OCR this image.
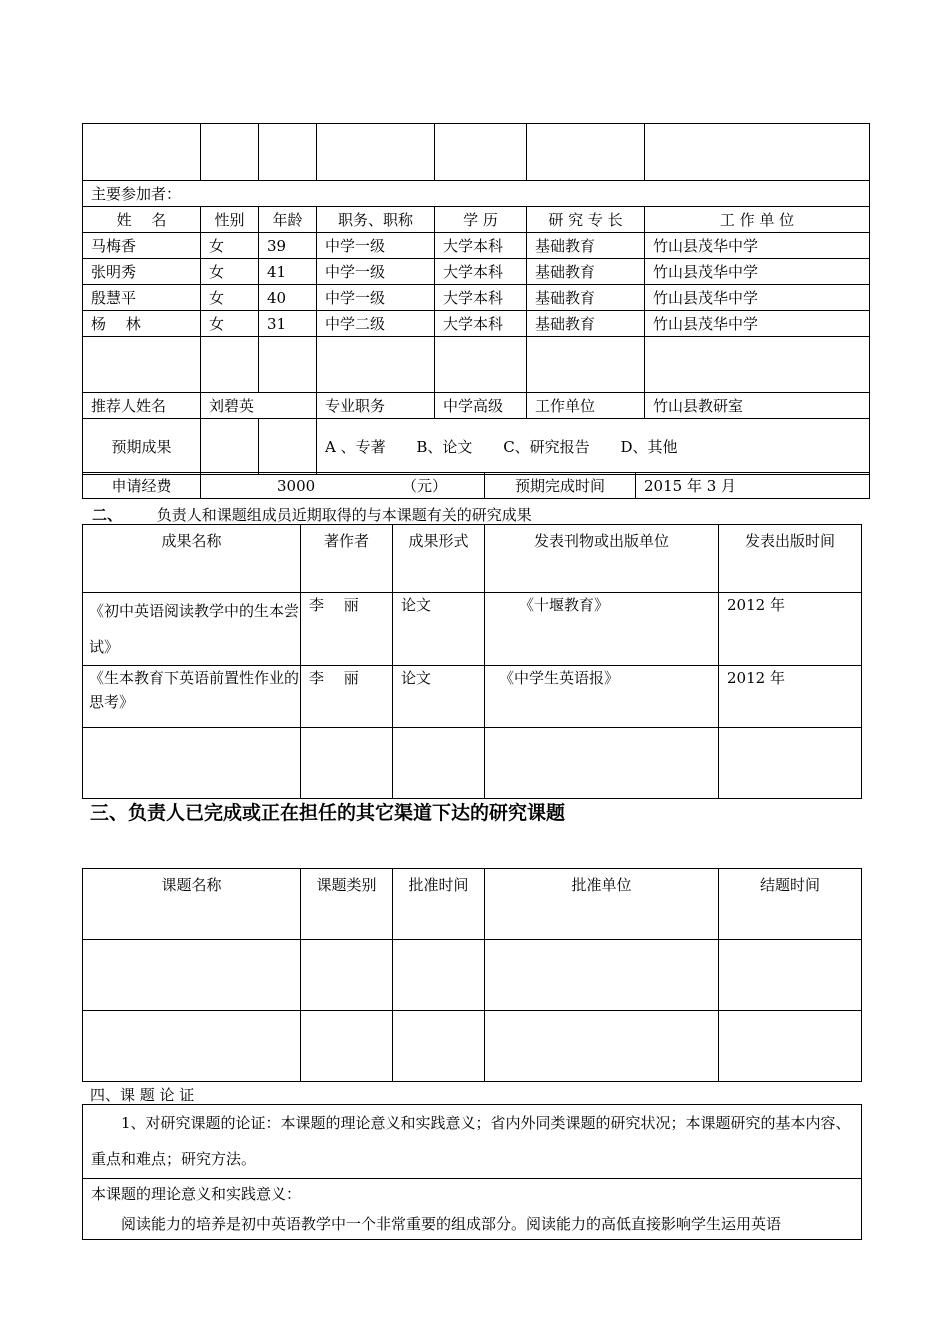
主要参加者：						
姓　 名	性别	年龄	职务、职称	学 历	研 究 专 长	工 作 单 位
马梅香	女	39	中学一级	大学本科	基础教育	竹山县茂华中学
张明秀	女	41	中学一级	大学本科	基础教育	竹山县茂华中学
殷慧平	女	40	中学一级	大学本科	基础教育	竹山县茂华中学
杨　 林	女	31	中学二级	大学本科	基础教育	竹山县茂华中学

推荐人姓名	刘碧英		专业职务	中学高级	工作单位	竹山县教研室
预期成果			A 、专著 B、论文 C、研究报告 D、其他			
申请经费	3000	（元）	预期完成时间	2015 年 3 月
二、 负责人和课题组成员近期取得的与本课题有关的研究成果
成果名称	著作者	成果形式	发表刊物或出版单位	发表出版时间
《初中英语阅读教学中的生本尝试》	李　 丽	论文	《十堰教育》	2012 年
《生本教育下英语前置性作业的思考》	李　 丽	论文	《中学生英语报》	2012 年

三、负责人已完成或正在担任的其它渠道下达的研究课题
课题名称	课题类别	批准时间	批准单位	结题时间

四、课 题 论 证
1、对研究课题的论证：本课题的理论意义和实践意义；省内外同类课题的研究状况；本课题研究的基本内容、重点和难点；研究方法。

本课题的理论意义和实践意义：
阅读能力的培养是初中英语教学中一个非常重要的组成部分。阅读能力的高低直接影响学生运用英语
